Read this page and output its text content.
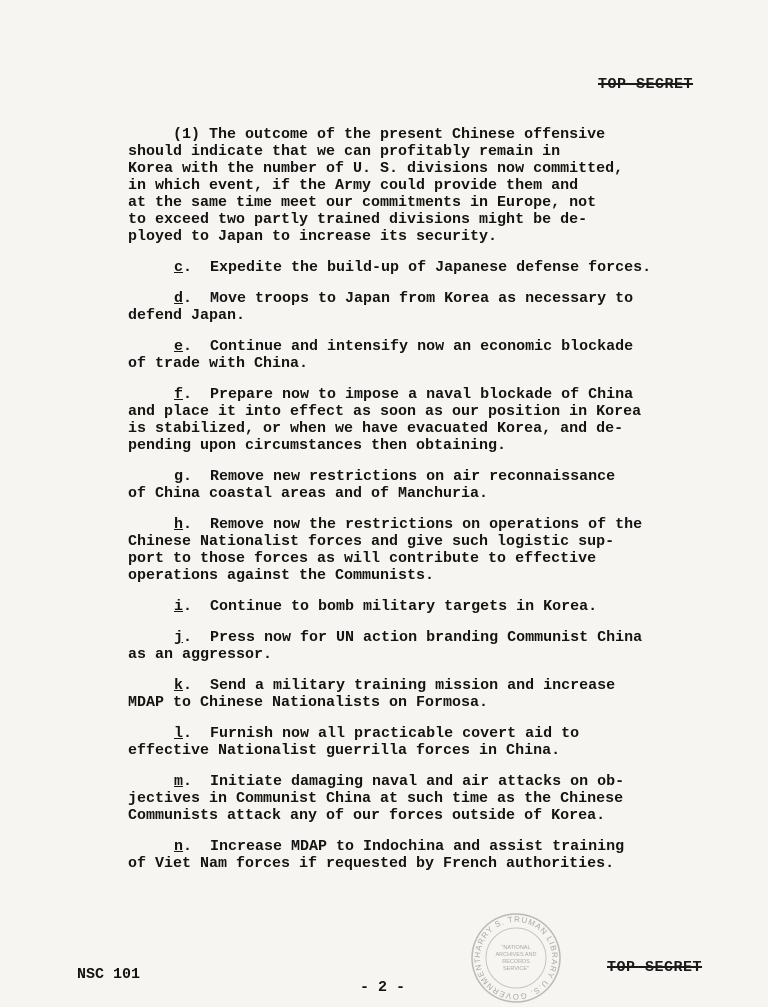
TOP SECRET
(1) The outcome of the present Chinese offensive
should indicate that we can profitably remain in
Korea with the number of U. S. divisions now committed,
in which event, if the Army could provide them and
at the same time meet our commitments in Europe, not
to exceed two partly trained divisions might be de-
ployed to Japan to increase its security.
c.  Expedite the build-up of Japanese defense forces.
d.  Move troops to Japan from Korea as necessary to
defend Japan.
e.  Continue and intensify now an economic blockade
of trade with China.
f.  Prepare now to impose a naval blockade of China
and place it into effect as soon as our position in Korea
is stabilized, or when we have evacuated Korea, and de-
pending upon circumstances then obtaining.
g.  Remove new restrictions on air reconnaissance
of China coastal areas and of Manchuria.
h.  Remove now the restrictions on operations of the
Chinese Nationalist forces and give such logistic sup-
port to those forces as will contribute to effective
operations against the Communists.
i.  Continue to bomb military targets in Korea.
j.  Press now for UN action branding Communist China
as an aggressor.
k.  Send a military training mission and increase
MDAP to Chinese Nationalists on Formosa.
l.  Furnish now all practicable covert aid to
effective Nationalist guerrilla forces in China.
m.  Initiate damaging naval and air attacks on ob-
jectives in Communist China at such time as the Chinese
Communists attack any of our forces outside of Korea.
n.  Increase MDAP to Indochina and assist training
of Viet Nam forces if requested by French authorities.
NSC 101
- 2 -
TOP SECRET
HARRY S. TRUMAN LIBRARY U.S. GOVERNMENT
"NATIONAL
ARCHIVES AND
RECORDS
SERVICE"
